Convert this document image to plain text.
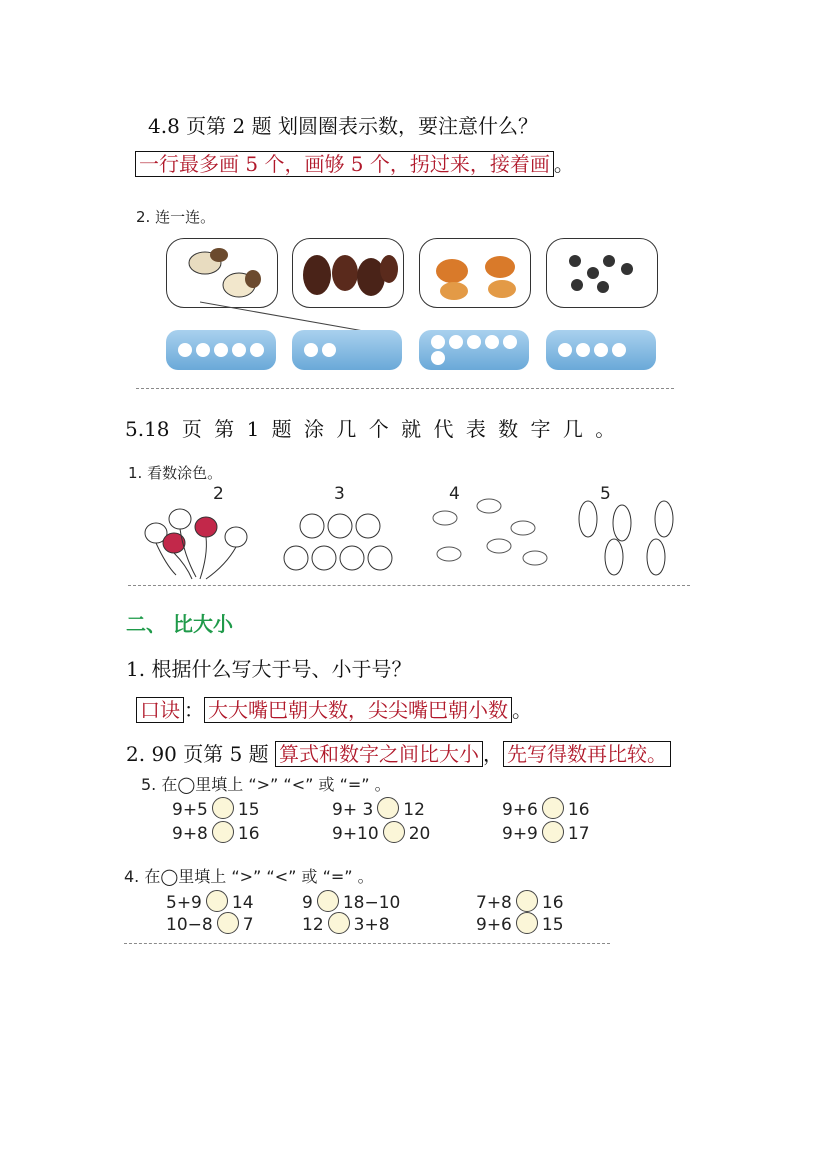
4.8 页第 2 题 划圆圈表示数，要注意什么？
一行最多画 5 个，画够 5 个，拐过来，接着画 。
2. 连一连。
5.18 页 第 1 题 涂 几 个 就 代 表 数 字 几 。
1. 看数涂色。
2	3	4	5
二、 比大小
1. 根据什么写大于号、小于号？
口诀 ： 大大嘴巴朝大数，尖尖嘴巴朝小数 。
2. 90 页第 5 题 算式和数字之间比大小 ， 先写得数再比较。
5. 在◯里填上 “>” “<” 或 “=” 。
9+5 15	9+ 3 12	9+6 16
9+8 16	9+10 20	9+9 17
4. 在◯里填上 “>” “<” 或 “=” 。
5+9 14	9 18−10	7+8 16
10−8 7	12 3+8	9+6 15
